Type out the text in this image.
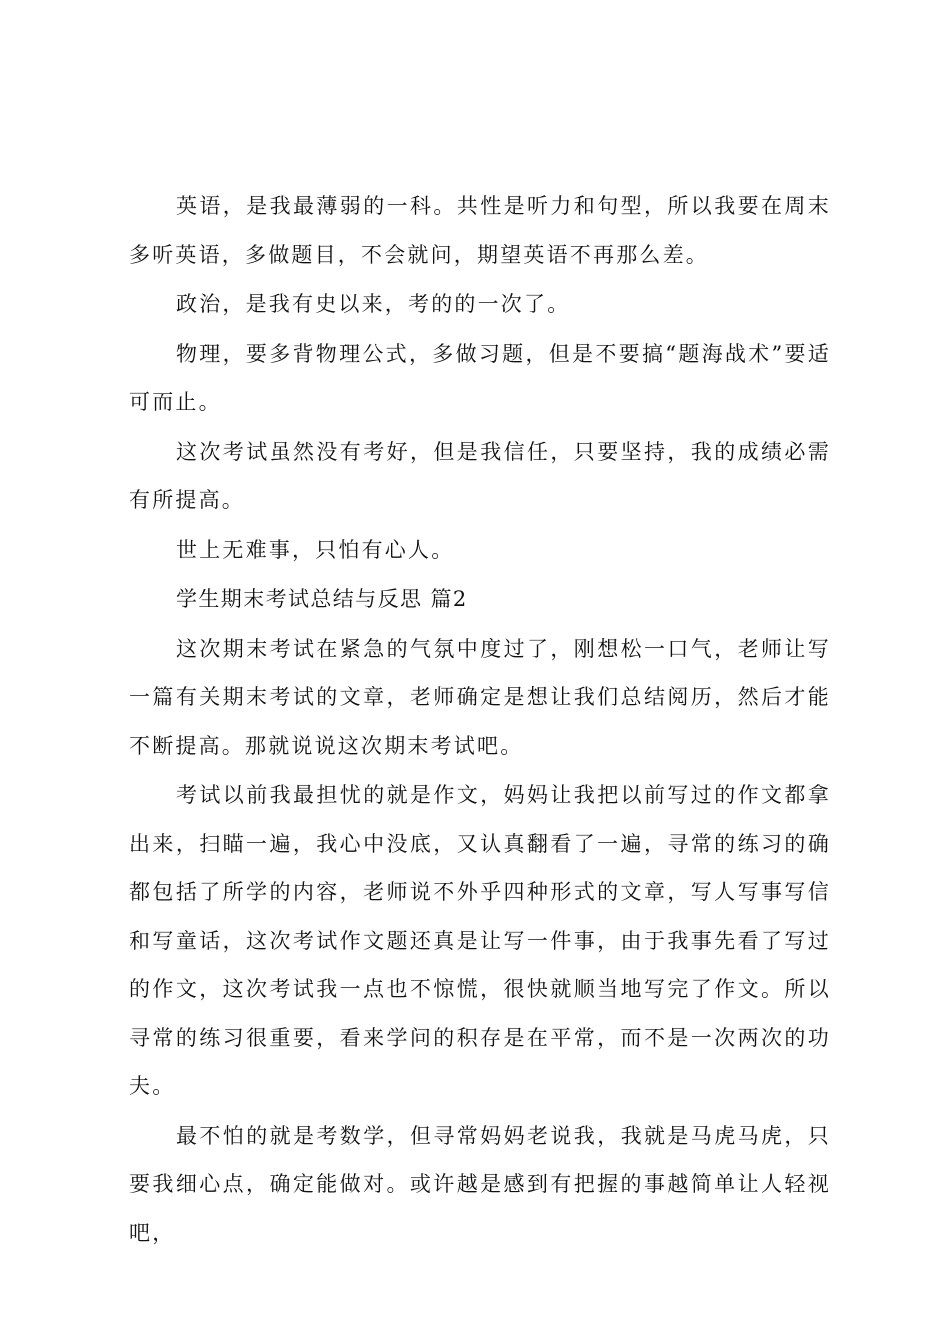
英语，是我最薄弱的一科。共性是听力和句型，所以我要在周末多听英语，多做题目，不会就问，期望英语不再那么差。

政治，是我有史以来，考的的一次了。

物理，要多背物理公式，多做习题，但是不要搞“题海战术”要适可而止。

这次考试虽然没有考好，但是我信任，只要坚持，我的成绩必需有所提高。

世上无难事，只怕有心人。

学生期末考试总结与反思 篇2

这次期末考试在紧急的气氛中度过了，刚想松一口气，老师让写一篇有关期末考试的文章，老师确定是想让我们总结阅历，然后才能不断提高。那就说说这次期末考试吧。

考试以前我最担忧的就是作文，妈妈让我把以前写过的作文都拿出来，扫瞄一遍，我心中没底，又认真翻看了一遍，寻常的练习的确都包括了所学的内容，老师说不外乎四种形式的文章，写人写事写信和写童话，这次考试作文题还真是让写一件事，由于我事先看了写过的作文，这次考试我一点也不惊慌，很快就顺当地写完了作文。所以寻常的练习很重要，看来学问的积存是在平常，而不是一次两次的功夫。

最不怕的就是考数学，但寻常妈妈老说我，我就是马虎马虎，只要我细心点，确定能做对。或许越是感到有把握的事越简单让人轻视吧，
